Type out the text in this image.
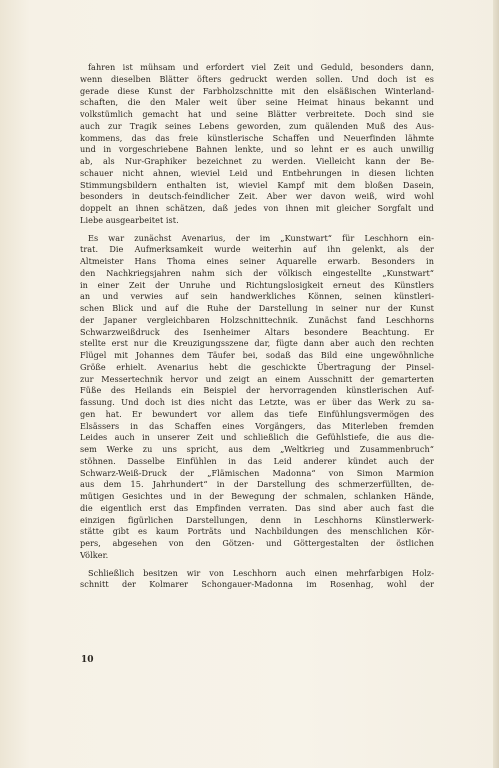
fahren ist mühsam und erfordert viel Zeit und Geduld, besonders dann,
wenn dieselben Blätter öfters gedruckt werden sollen. Und doch ist es
gerade diese Kunst der Farbholzschnitte mit den elsäßischen Winterland-
schaften, die den Maler weit über seine Heimat hinaus bekannt und
volkstümlich gemacht hat und seine Blätter verbreitete. Doch sind sie
auch zur Tragik seines Lebens geworden, zum quälenden Muß des Aus-
kommens, das das freie künstlerische Schaffen und Neuerfinden lähmte
und in vorgeschriebene Bahnen lenkte, und so lehnt er es auch unwillig
ab, als Nur-Graphiker bezeichnet zu werden. Vielleicht kann der Be-
schauer nicht ahnen, wieviel Leid und Entbehrungen in diesen lichten
Stimmungsbildern enthalten ist, wieviel Kampf mit dem bloßen Dasein,
besonders in deutsch-feindlicher Zeit. Aber wer davon weiß, wird wohl
doppelt an ihnen schätzen, daß jedes von ihnen mit gleicher Sorgfalt und
Liebe ausgearbeitet ist.

Es war zunächst Avenarius, der im „Kunstwart“ für Leschhorn ein-
trat. Die Aufmerksamkeit wurde weiterhin auf ihn gelenkt, als der
Altmeister Hans Thoma eines seiner Aquarelle erwarb. Besonders in
den Nachkriegsjahren nahm sich der völkisch eingestellte „Kunstwart“
in einer Zeit der Unruhe und Richtungslosigkeit erneut des Künstlers
an und verwies auf sein handwerkliches Können, seinen künstleri-
schen Blick und auf die Ruhe der Darstellung in seiner nur der Kunst
der Japaner vergleichbaren Holzschnittechnik. Zunächst fand Leschhorns
Schwarzweißdruck des Isenheimer Altars besondere Beachtung. Er
stellte erst nur die Kreuzigungsszene dar, fügte dann aber auch den rechten
Flügel mit Johannes dem Täufer bei, sodaß das Bild eine ungewöhnliche
Größe erhielt. Avenarius hebt die geschickte Übertragung der Pinsel-
zur Messertechnik hervor und zeigt an einem Ausschnitt der gemarterten
Füße des Heilands ein Beispiel der hervorragenden künstlerischen Auf-
fassung. Und doch ist dies nicht das Letzte, was er über das Werk zu sa-
gen hat. Er bewundert vor allem das tiefe Einfühlungsvermögen des
Elsässers in das Schaffen eines Vorgängers, das Miterleben fremden
Leides auch in unserer Zeit und schließlich die Gefühlstiefe, die aus die-
sem Werke zu uns spricht, aus dem „Weltkrieg und Zusammenbruch“
stöhnen. Dasselbe Einfühlen in das Leid anderer kündet auch der
Schwarz-Weiß-Druck der „Flämischen Madonna“ von Simon Marmion
aus dem 15. Jahrhundert“ in der Darstellung des schmerzerfüllten, de-
mütigen Gesichtes und in der Bewegung der schmalen, schlanken Hände,
die eigentlich erst das Empfinden verraten. Das sind aber auch fast die
einzigen figürlichen Darstellungen, denn in Leschhorns Künstlerwerk-
stätte gibt es kaum Porträts und Nachbildungen des menschlichen Kör-
pers, abgesehen von den Götzen- und Göttergestalten der östlichen
Völker.

Schließlich besitzen wir von Leschhorn auch einen mehrfarbigen Holz-
schnitt der Kolmarer Schongauer-Madonna im Rosenhag, wohl der

10
